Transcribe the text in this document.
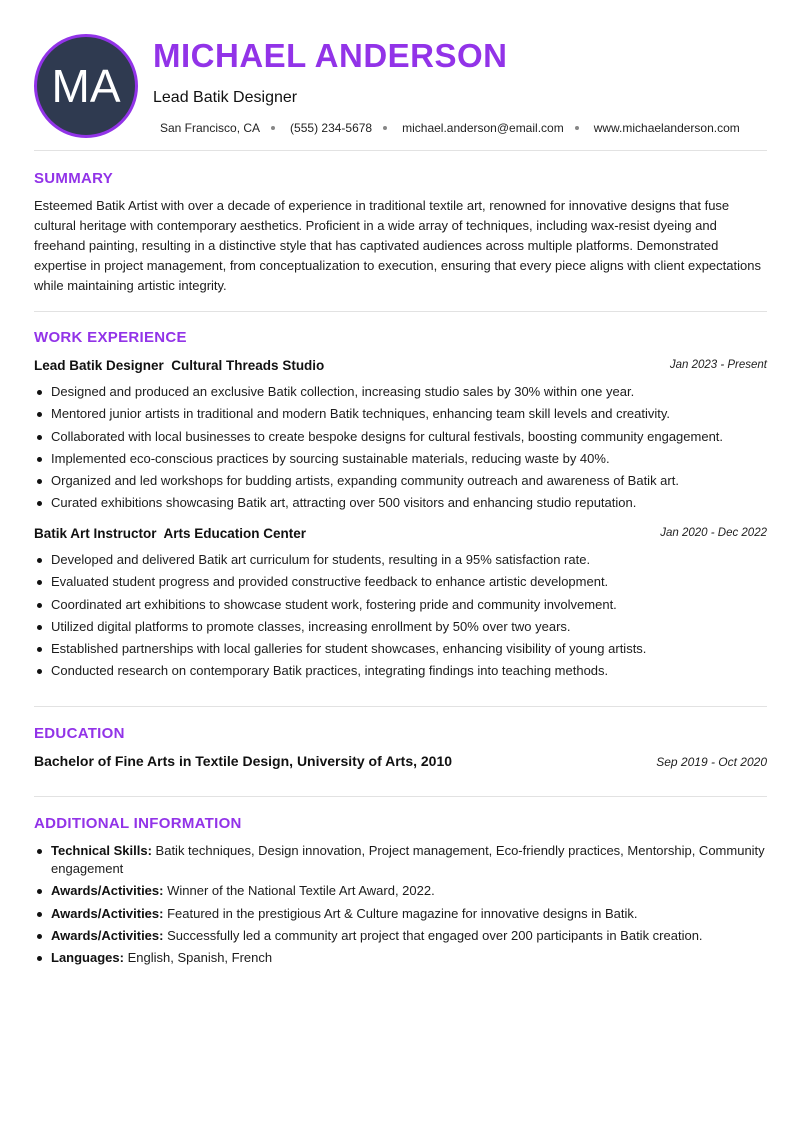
MA
MICHAEL ANDERSON
Lead Batik Designer
San Francisco, CA	(555) 234-5678	michael.anderson@email.com	www.michaelanderson.com
SUMMARY

Esteemed Batik Artist with over a decade of experience in traditional textile art, renowned for innovative designs that fuse cultural heritage with contemporary aesthetics. Proficient in a wide array of techniques, including wax-resist dyeing and freehand painting, resulting in a distinctive style that has captivated audiences across multiple platforms. Demonstrated expertise in project management, from conceptualization to execution, ensuring that every piece aligns with client expectations while maintaining artistic integrity.

WORK EXPERIENCE
Lead Batik Designer  Cultural Threads Studio	Jan 2023 - Present
Designed and produced an exclusive Batik collection, increasing studio sales by 30% within one year.
Mentored junior artists in traditional and modern Batik techniques, enhancing team skill levels and creativity.
Collaborated with local businesses to create bespoke designs for cultural festivals, boosting community engagement.
Implemented eco-conscious practices by sourcing sustainable materials, reducing waste by 40%.
Organized and led workshops for budding artists, expanding community outreach and awareness of Batik art.
Curated exhibitions showcasing Batik art, attracting over 500 visitors and enhancing studio reputation.
Batik Art Instructor  Arts Education Center	Jan 2020 - Dec 2022
Developed and delivered Batik art curriculum for students, resulting in a 95% satisfaction rate.
Evaluated student progress and provided constructive feedback to enhance artistic development.
Coordinated art exhibitions to showcase student work, fostering pride and community involvement.
Utilized digital platforms to promote classes, increasing enrollment by 50% over two years.
Established partnerships with local galleries for student showcases, enhancing visibility of young artists.
Conducted research on contemporary Batik practices, integrating findings into teaching methods.
EDUCATION
Bachelor of Fine Arts in Textile Design, University of Arts, 2010	Sep 2019 - Oct 2020
ADDITIONAL INFORMATION
Technical Skills: Batik techniques, Design innovation, Project management, Eco-friendly practices, Mentorship, Community engagement
Awards/Activities: Winner of the National Textile Art Award, 2022.
Awards/Activities: Featured in the prestigious Art & Culture magazine for innovative designs in Batik.
Awards/Activities: Successfully led a community art project that engaged over 200 participants in Batik creation.
Languages: English, Spanish, French
